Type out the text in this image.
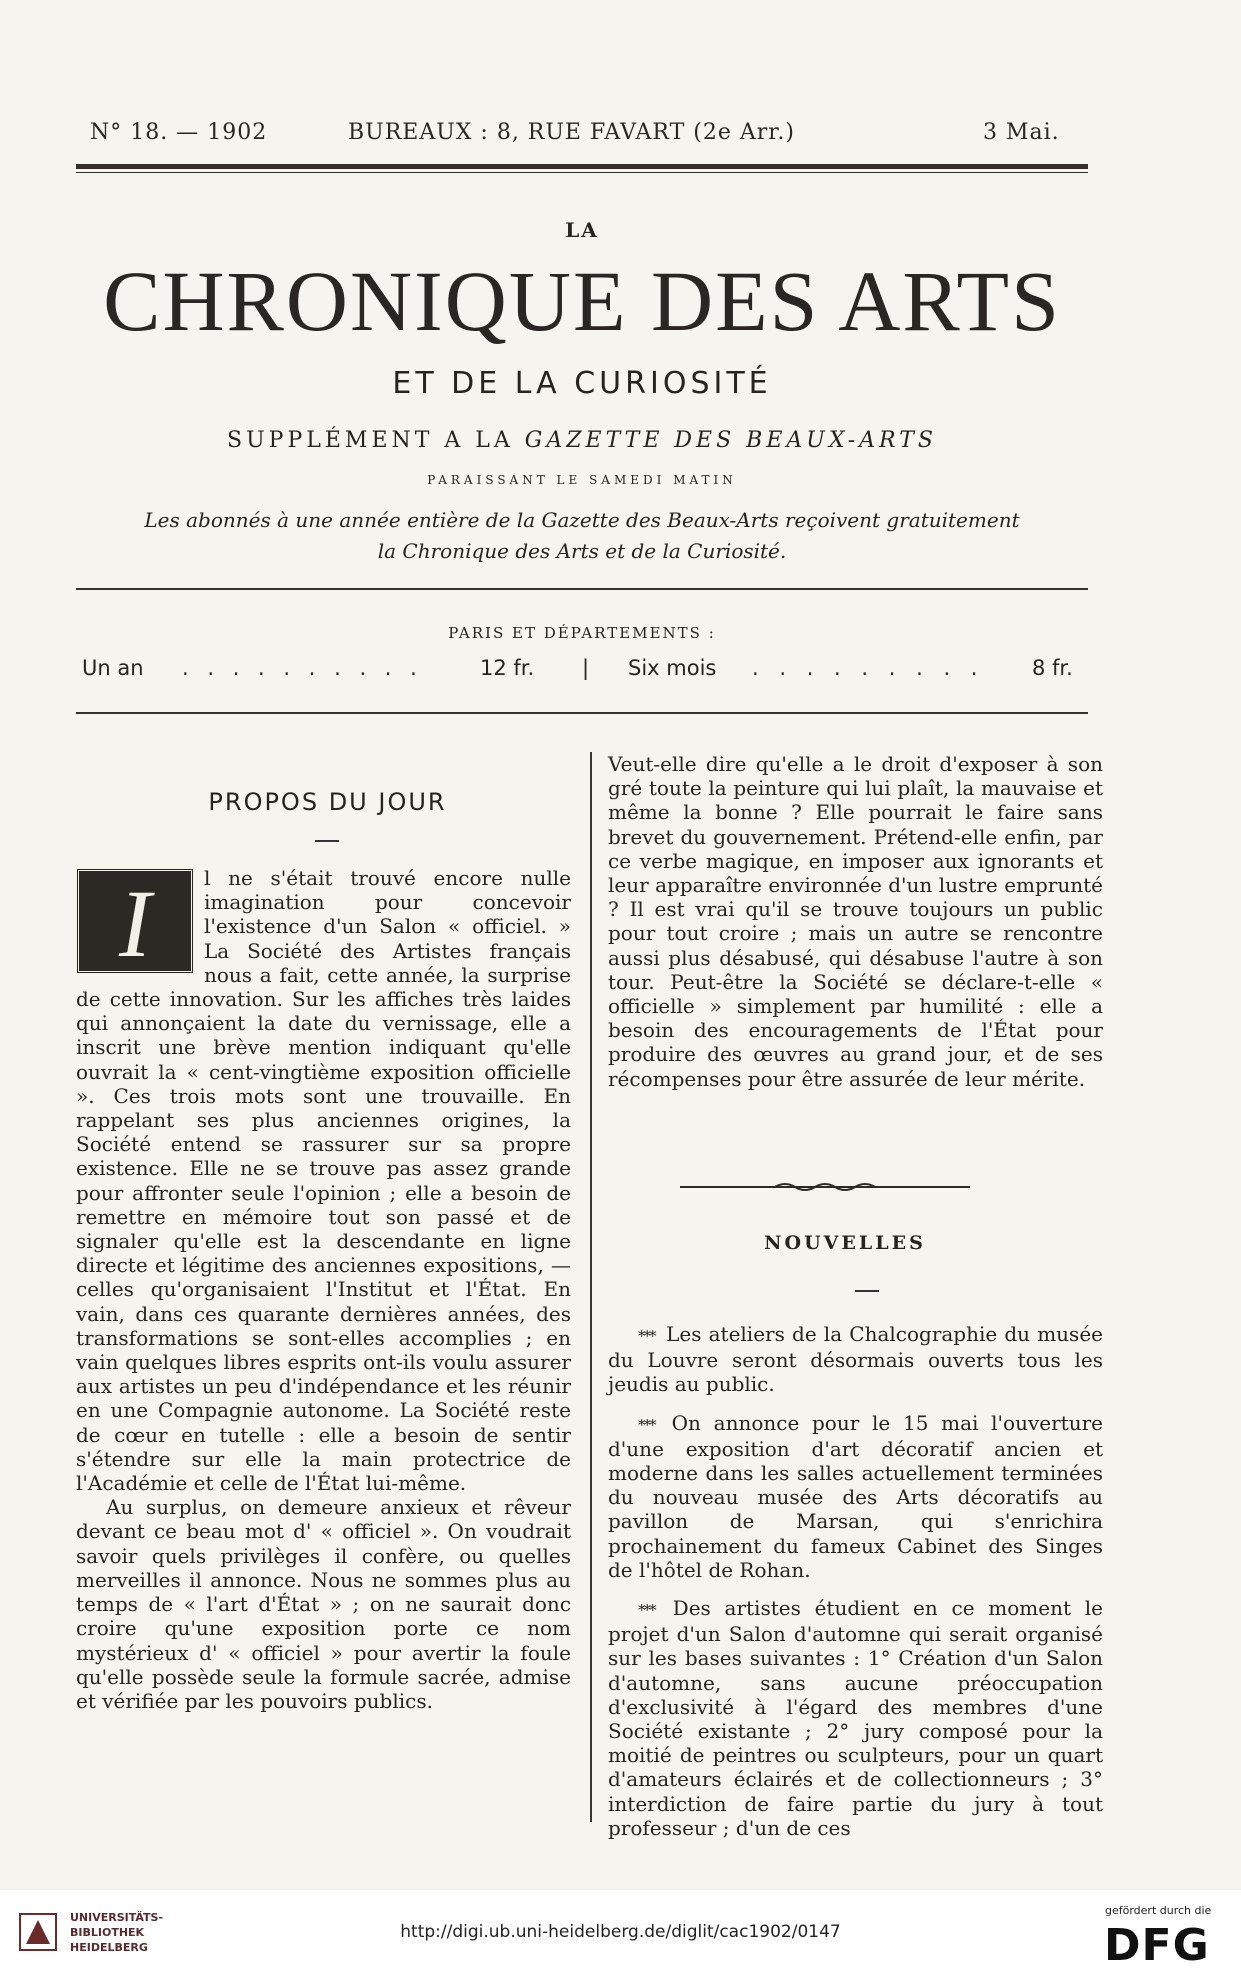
N° 18. — 1902	BUREAUX : 8, RUE FAVART (2e Arr.)	3 Mai.
LA
CHRONIQUE DES ARTS
ET DE LA CURIOSITÉ
SUPPLÉMENT A LA GAZETTE DES BEAUX-ARTS
PARAISSANT LE SAMEDI MATIN
Les abonnés à une année entière de la Gazette des Beaux-Arts reçoivent gratuitement
la Chronique des Arts et de la Curiosité.
PARIS ET DÉPARTEMENTS :
Un an . . . . . . . . . .	12 fr. | Six mois . . . . . . . . . 8 fr.
PROPOS DU JOUR
I	l ne s'était trouvé encore nulle imagination pour concevoir l'existence d'un Salon « officiel. » La Société des Artistes français nous a fait, cette année, la surprise de cette innovation. Sur les affiches très laides qui annonçaient la date du vernissage, elle a inscrit une brève mention indiquant qu'elle ouvrait la « cent-vingtième exposition officielle ». Ces trois mots sont une trouvaille. En rappelant ses plus anciennes origines, la Société entend se rassurer sur sa propre existence. Elle ne se trouve pas assez grande pour affronter seule l'opinion ; elle a besoin de remettre en mémoire tout son passé et de signaler qu'elle est la descendante en ligne directe et légitime des anciennes expositions, — celles qu'organisaient l'Institut et l'État. En vain, dans ces quarante dernières années, des transformations se sont-elles accomplies ; en vain quelques libres esprits ont-ils voulu assurer aux artistes un peu d'indépendance et les réunir en une Compagnie autonome. La Société reste de cœur en tutelle : elle a besoin de sentir s'étendre sur elle la main protectrice de l'Académie et celle de l'État lui-même.

Au surplus, on demeure anxieux et rêveur devant ce beau mot d' « officiel ». On voudrait savoir quels privilèges il confère, ou quelles merveilles il annonce. Nous ne sommes plus au temps de « l'art d'État » ; on ne saurait donc croire qu'une exposition porte ce nom mystérieux d' « officiel » pour avertir la foule qu'elle possède seule la formule sacrée, admise et vérifiée par les pouvoirs publics.

Veut-elle dire qu'elle a le droit d'exposer à son gré toute la peinture qui lui plaît, la mauvaise et même la bonne ? Elle pourrait le faire sans brevet du gouvernement. Prétend-elle enfin, par ce verbe magique, en imposer aux ignorants et leur apparaître environnée d'un lustre emprunté ? Il est vrai qu'il se trouve toujours un public pour tout croire ; mais un autre se rencontre aussi plus désabusé, qui désabuse l'autre à son tour. Peut-être la Société se déclare-t-elle « officielle » simplement par humilité : elle a besoin des encouragements de l'État pour produire des œuvres au grand jour, et de ses récompenses pour être assurée de leur mérite.

NOUVELLES

*** Les ateliers de la Chalcographie du musée du Louvre seront désormais ouverts tous les jeudis au public.

*** On annonce pour le 15 mai l'ouverture d'une exposition d'art décoratif ancien et moderne dans les salles actuellement terminées du nouveau musée des Arts décoratifs au pavillon de Marsan, qui s'enrichira prochainement du fameux Cabinet des Singes de l'hôtel de Rohan.

*** Des artistes étudient en ce moment le projet d'un Salon d'automne qui serait organisé sur les bases suivantes : 1° Création d'un Salon d'automne, sans aucune préoccupation d'exclusivité à l'égard des membres d'une Société existante ; 2° jury composé pour la moitié de peintres ou sculpteurs, pour un quart d'amateurs éclairés et de collectionneurs ; 3° interdiction de faire partie du jury à tout professeur ; d'un de ces

UNIVERSITÄTS-
BIBLIOTHEK
HEIDELBERG
http://digi.ub.uni-heidelberg.de/diglit/cac1902/0147
gefördert durch die
DFG
